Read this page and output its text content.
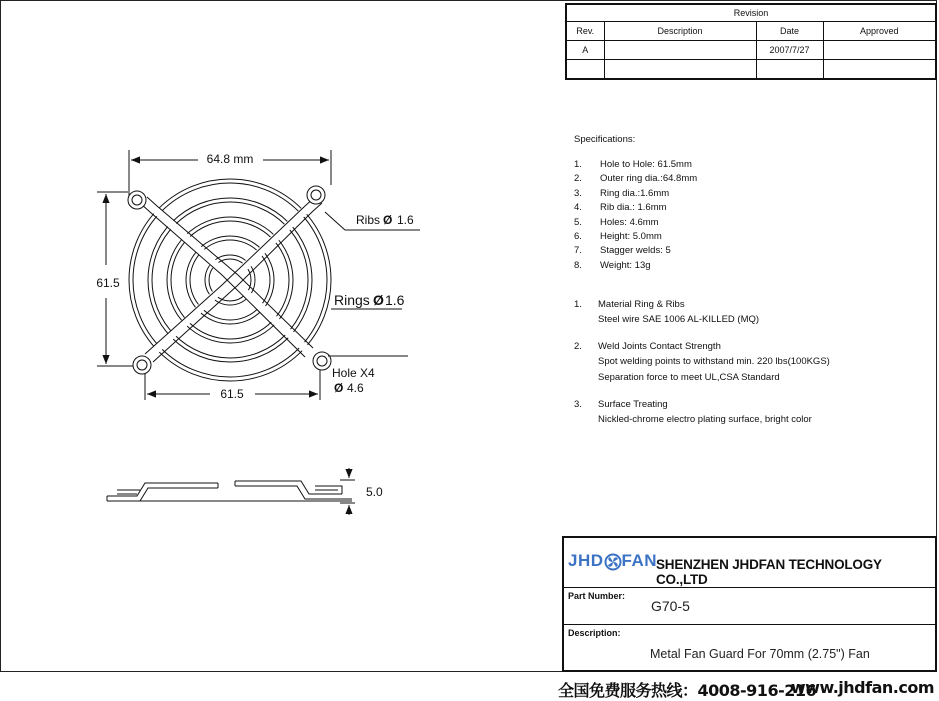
64.8 mm
61.5
61.5
Ribs Ø 1.6
Rings Ø 1.6
Hole X4
Ø 4.6
5.0
Revision			
Rev.	Description	Date	Approved
A		2007/7/27	

Specifications:
1.	Hole to Hole: 61.5mm
2.	Outer ring dia.:64.8mm
3.	Ring dia.:1.6mm
4.	Rib dia.: 1.6mm
5.	Holes: 4.6mm
6.	Height: 5.0mm
7.	Stagger welds: 5
8.	Weight: 13g
1.	Material Ring & Ribs
Steel wire SAE 1006 AL-KILLED (MQ)
2.	Weld Joints Contact Strength
Spot welding points to withstand min. 220 lbs(100KGS)
Separation force to meet UL,CSA Standard
3.	Surface Treating
Nickled-chrome electro plating surface, bright color
JHD FAN
SHENZHEN JHDFAN TECHNOLOGY CO.,LTD
Part Number:
G70-5
Description:
Metal Fan Guard For 70mm (2.75") Fan
全国免费服务热线：4008-916-216
www.jhdfan.com
